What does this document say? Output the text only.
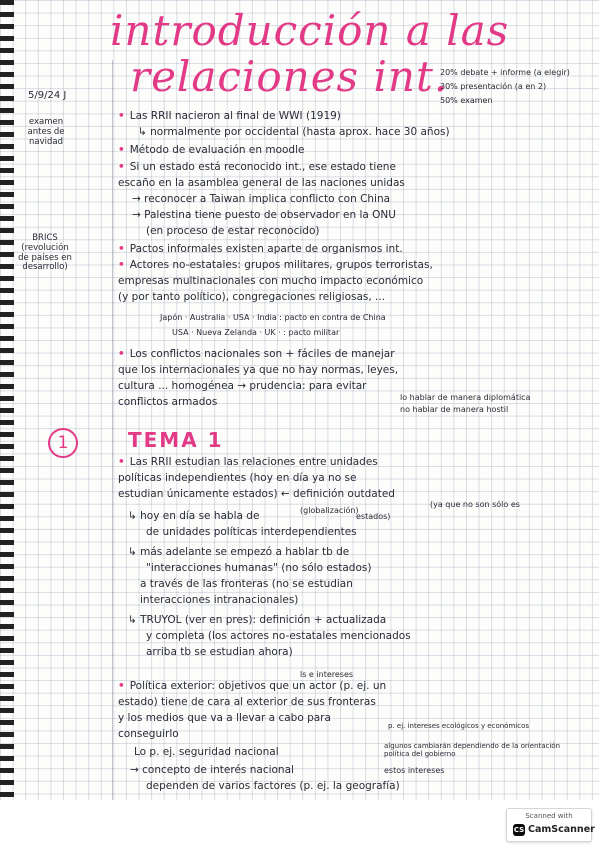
introducción a las
relaciones int.
5/9/24 J
20% debate + informe (a elegir)
30% presentación (a en 2)
50% examen
examen antes de navidad
BRICS (revolución de países en desarrollo)
• Las RRII nacieron al final de WWI (1919)
↳ normalmente por occidental (hasta aprox. hace 30 años)
• Método de evaluación en moodle
• Si un estado está reconocido int., ese estado tiene
escaño en la asamblea general de las naciones unidas
→ reconocer a Taiwan implica conflicto con China
→ Palestina tiene puesto de observador en la ONU
(en proceso de estar reconocido)
• Pactos informales existen aparte de organismos int.
• Actores no-estatales: grupos militares, grupos terroristas,
empresas multinacionales con mucho impacto económico
(y por tanto político), congregaciones religiosas, ...
Japón · Australia · USA · India : pacto en contra de China
USA · Nueva Zelanda · UK · : pacto militar
• Los conflictos nacionales son + fáciles de manejar
que los internacionales ya que no hay normas, leyes,
cultura ... homogénea → prudencia: para evitar
lo hablar de manera diplomática
conflictos armados
no hablar de manera hostil
1	TEMA 1
• Las RRII estudian las relaciones entre unidades
políticas independientes (hoy en día ya no se
estudian únicamente estados) ← definición outdated
(ya que no son sólo es
↳ hoy en día se habla de	(globalización)
estados)
de unidades políticas interdependientes
↳ más adelante se empezó a hablar tb de
"interacciones humanas" (no sólo estados)
a través de las fronteras (no se estudian
interacciones intranacionales)
↳ TRUYOL (ver en pres): definición + actualizada
y completa (los actores no-estatales mencionados
arriba tb se estudian ahora)
ls e intereses
• Política exterior: objetivos que un actor (p. ej. un
estado) tiene de cara al exterior de sus fronteras
y los medios que va a llevar a cabo para
p. ej. intereses ecológicos y económicos
conseguirlo
Lo p. ej. seguridad nacional	algunos cambiarán dependiendo de la orientación política del gobierno
→ concepto de interés nacional	estos intereses
dependen de varios factores (p. ej. la geografía)
Scanned with
CS CamScanner
